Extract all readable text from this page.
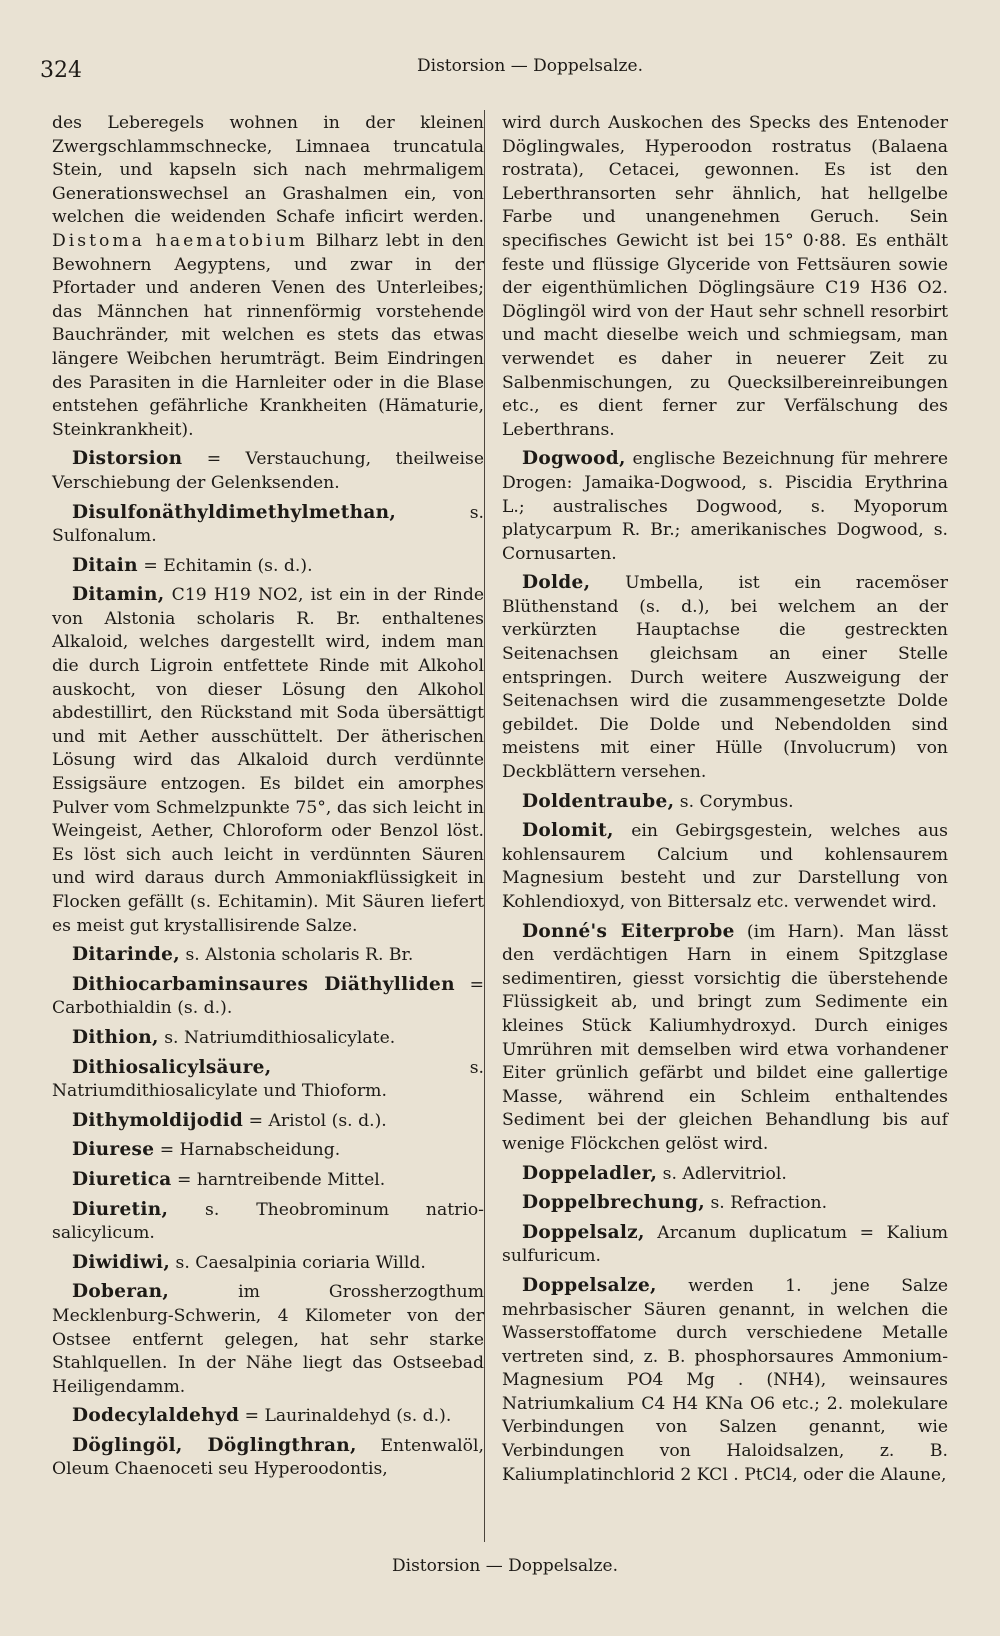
324	Distorsion — Doppelsalze.

des Leberegels wohnen in der kleinen Zwergschlammschnecke, Limnaea truncatula Stein, und kapseln sich nach mehrmaligem Generationswechsel an Grashalmen ein, von welchen die weidenden Schafe inficirt werden. Distoma haematobium Bilharz lebt in den Bewohnern Aegyptens, und zwar in der Pfortader und anderen Venen des Unterleibes; das Männchen hat rinnenförmig vorstehende Bauchränder, mit welchen es stets das etwas längere Weibchen herumträgt. Beim Eindringen des Parasiten in die Harnleiter oder in die Blase entstehen gefährliche Krankheiten (Hämaturie, Steinkrankheit).

Distorsion = Verstauchung, theilweise Verschiebung der Gelenksenden.

Disulfonäthyldimethylmethan, s. Sulfonalum.

Ditain = Echitamin (s. d.).

Ditamin, C19 H19 NO2, ist ein in der Rinde von Alstonia scholaris R. Br. enthaltenes Alkaloid, welches dargestellt wird, indem man die durch Ligroin entfettete Rinde mit Alkohol auskocht, von dieser Lösung den Alkohol abdestillirt, den Rückstand mit Soda übersättigt und mit Aether ausschüttelt. Der ätherischen Lösung wird das Alkaloid durch verdünnte Essigsäure entzogen. Es bildet ein amorphes Pulver vom Schmelzpunkte 75°, das sich leicht in Weingeist, Aether, Chloroform oder Benzol löst. Es löst sich auch leicht in verdünnten Säuren und wird daraus durch Ammoniakflüssigkeit in Flocken gefällt (s. Echitamin). Mit Säuren liefert es meist gut krystallisirende Salze.

Ditarinde, s. Alstonia scholaris R. Br.

Dithiocarbaminsaures Diäthylliden = Carbothialdin (s. d.).

Dithion, s. Natriumdithiosalicylate.

Dithiosalicylsäure, s. Natriumdithiosalicylate und Thioform.

Dithymoldijodid = Aristol (s. d.).

Diurese = Harnabscheidung.

Diuretica = harntreibende Mittel.

Diuretin, s. Theobrominum natrio-salicylicum.

Diwidiwi, s. Caesalpinia coriaria Willd.

Doberan, im Grossherzogthum Mecklenburg-Schwerin, 4 Kilometer von der Ostsee entfernt gelegen, hat sehr starke Stahlquellen. In der Nähe liegt das Ostseebad Heiligendamm.

Dodecylaldehyd = Laurinaldehyd (s. d.).

Döglingöl, Döglingthran, Entenwalöl, Oleum Chaenoceti seu Hyperoodontis,

wird durch Auskochen des Specks des Entenoder Döglingwales, Hyperoodon rostratus (Balaena rostrata), Cetacei, gewonnen. Es ist den Leberthransorten sehr ähnlich, hat hellgelbe Farbe und unangenehmen Geruch. Sein specifisches Gewicht ist bei 15° 0·88. Es enthält feste und flüssige Glyceride von Fettsäuren sowie der eigenthümlichen Döglingsäure C19 H36 O2. Döglingöl wird von der Haut sehr schnell resorbirt und macht dieselbe weich und schmiegsam, man verwendet es daher in neuerer Zeit zu Salbenmischungen, zu Quecksilbereinreibungen etc., es dient ferner zur Verfälschung des Leberthrans.

Dogwood, englische Bezeichnung für mehrere Drogen: Jamaika-Dogwood, s. Piscidia Erythrina L.; australisches Dogwood, s. Myoporum platycarpum R. Br.; amerikanisches Dogwood, s. Cornusarten.

Dolde, Umbella, ist ein racemöser Blüthenstand (s. d.), bei welchem an der verkürzten Hauptachse die gestreckten Seitenachsen gleichsam an einer Stelle entspringen. Durch weitere Auszweigung der Seitenachsen wird die zusammengesetzte Dolde gebildet. Die Dolde und Nebendolden sind meistens mit einer Hülle (Involucrum) von Deckblättern versehen.

Doldentraube, s. Corymbus.

Dolomit, ein Gebirgsgestein, welches aus kohlensaurem Calcium und kohlensaurem Magnesium besteht und zur Darstellung von Kohlendioxyd, von Bittersalz etc. verwendet wird.

Donné's Eiterprobe (im Harn). Man lässt den verdächtigen Harn in einem Spitzglase sedimentiren, giesst vorsichtig die überstehende Flüssigkeit ab, und bringt zum Sedimente ein kleines Stück Kaliumhydroxyd. Durch einiges Umrühren mit demselben wird etwa vorhandener Eiter grünlich gefärbt und bildet eine gallertige Masse, während ein Schleim enthaltendes Sediment bei der gleichen Behandlung bis auf wenige Flöckchen gelöst wird.

Doppeladler, s. Adlervitriol.

Doppelbrechung, s. Refraction.

Doppelsalz, Arcanum duplicatum = Kalium sulfuricum.

Doppelsalze, werden 1. jene Salze mehrbasischer Säuren genannt, in welchen die Wasserstoffatome durch verschiedene Metalle vertreten sind, z. B. phosphorsaures Ammonium-Magnesium PO4 Mg . (NH4), weinsaures Natriumkalium C4 H4 KNa O6 etc.; 2. molekulare Verbindungen von Salzen genannt, wie Verbindungen von Haloidsalzen, z. B. Kaliumplatinchlorid 2 KCl . PtCl4, oder die Alaune,

Distorsion — Doppelsalze.
